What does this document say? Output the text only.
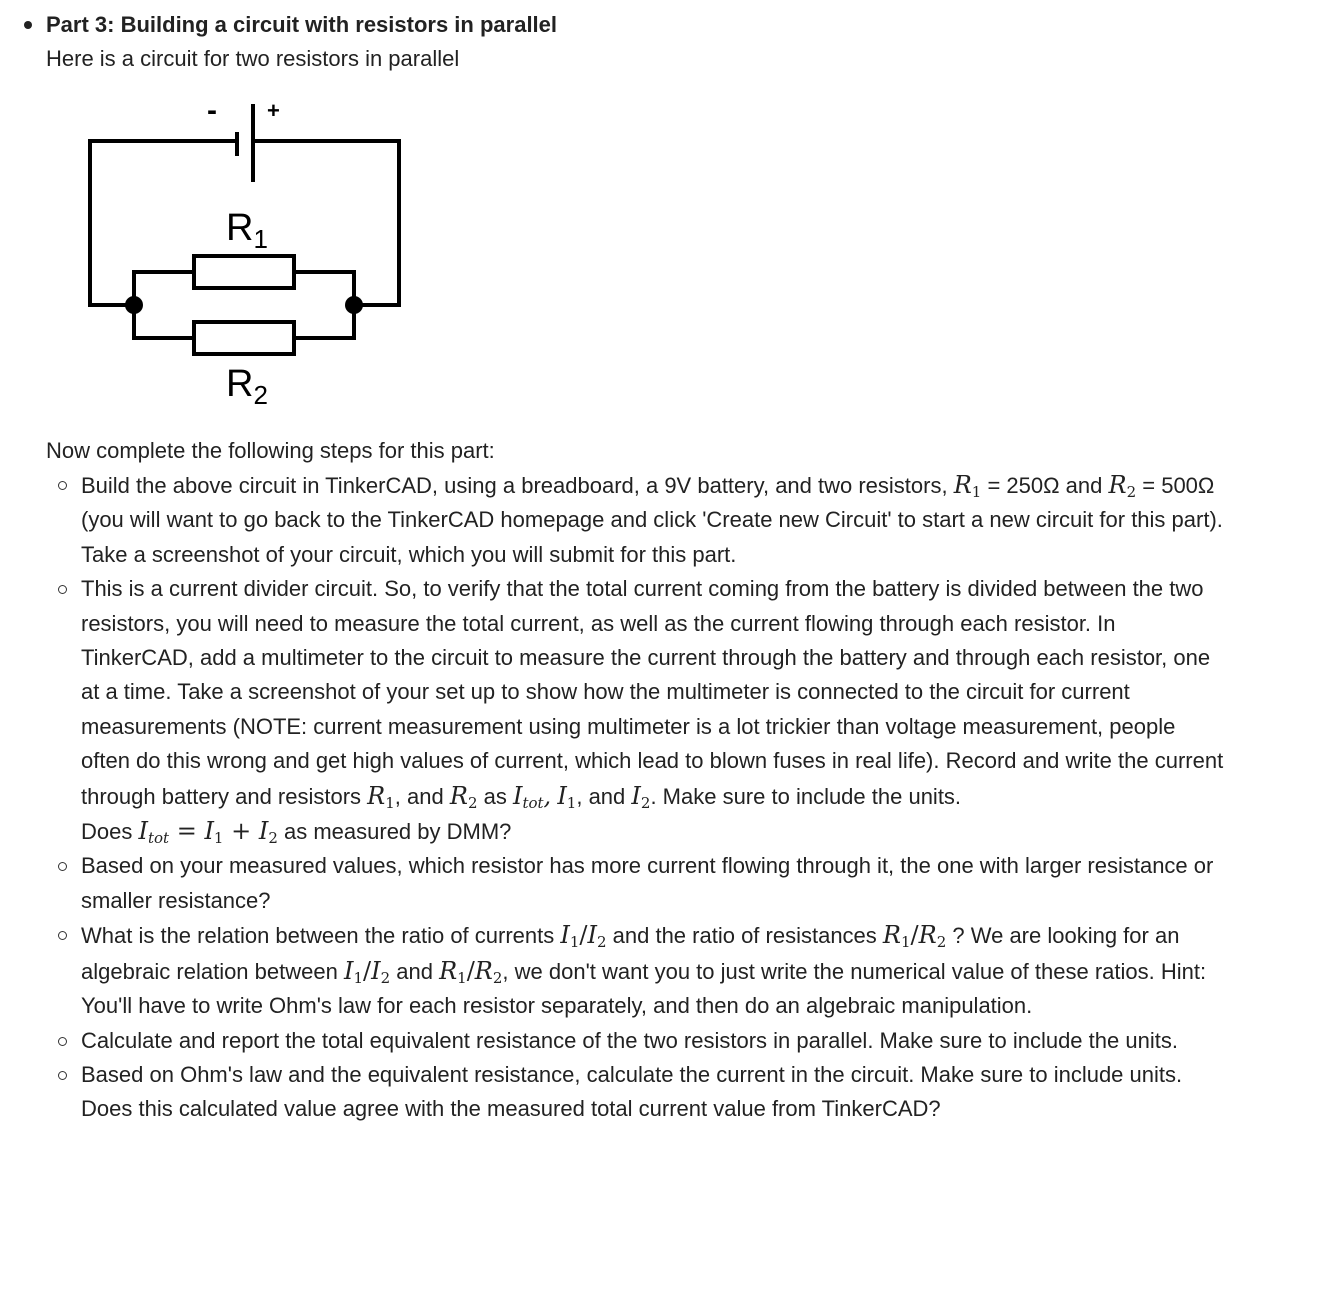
Part 3: Building a circuit with resistors in parallel
Here is a circuit for two resistors in parallel
- +
$R_1$
$R_2$
Now complete the following steps for this part:
Build the above circuit in TinkerCAD, using a breadboard, a 9V battery, and two resistors, $R_1 = 250\Omega$ and $R_2 = 500\Omega$ (you will want to go back to the TinkerCAD homepage and click 'Create new Circuit' to start a new circuit for this part). Take a screenshot of your circuit, which you will submit for this part.
This is a current divider circuit. So, to verify that the total current coming from the battery is divided between the two resistors, you will need to measure the total current, as well as the current flowing through each resistor. In TinkerCAD, add a multimeter to the circuit to measure the current through the battery and through each resistor, one at a time. Take a screenshot of your set up to show how the multimeter is connected to the circuit for current measurements (NOTE: current measurement using multimeter is a lot trickier than voltage measurement, people often do this wrong and get high values of current, which lead to blown fuses in real life). Record and write the current through battery and resistors $R_1$, and $R_2$ as $I_{tot}$, $I_1$, and $I_2$. Make sure to include the units.
Does $I_{tot} = I_1 + I_2$ as measured by DMM?
Based on your measured values, which resistor has more current flowing through it, the one with larger resistance or smaller resistance?
What is the relation between the ratio of currents $I_1/I_2$ and the ratio of resistances $R_1/R_2$ ? We are looking for an algebraic relation between $I_1/I_2$ and $R_1/R_2$, we don't want you to just write the numerical value of these ratios. Hint: You'll have to write Ohm's law for each resistor separately, and then do an algebraic manipulation.
Calculate and report the total equivalent resistance of the two resistors in parallel. Make sure to include the units.
Based on Ohm's law and the equivalent resistance, calculate the current in the circuit. Make sure to include units.
Does this calculated value agree with the measured total current value from TinkerCAD?
